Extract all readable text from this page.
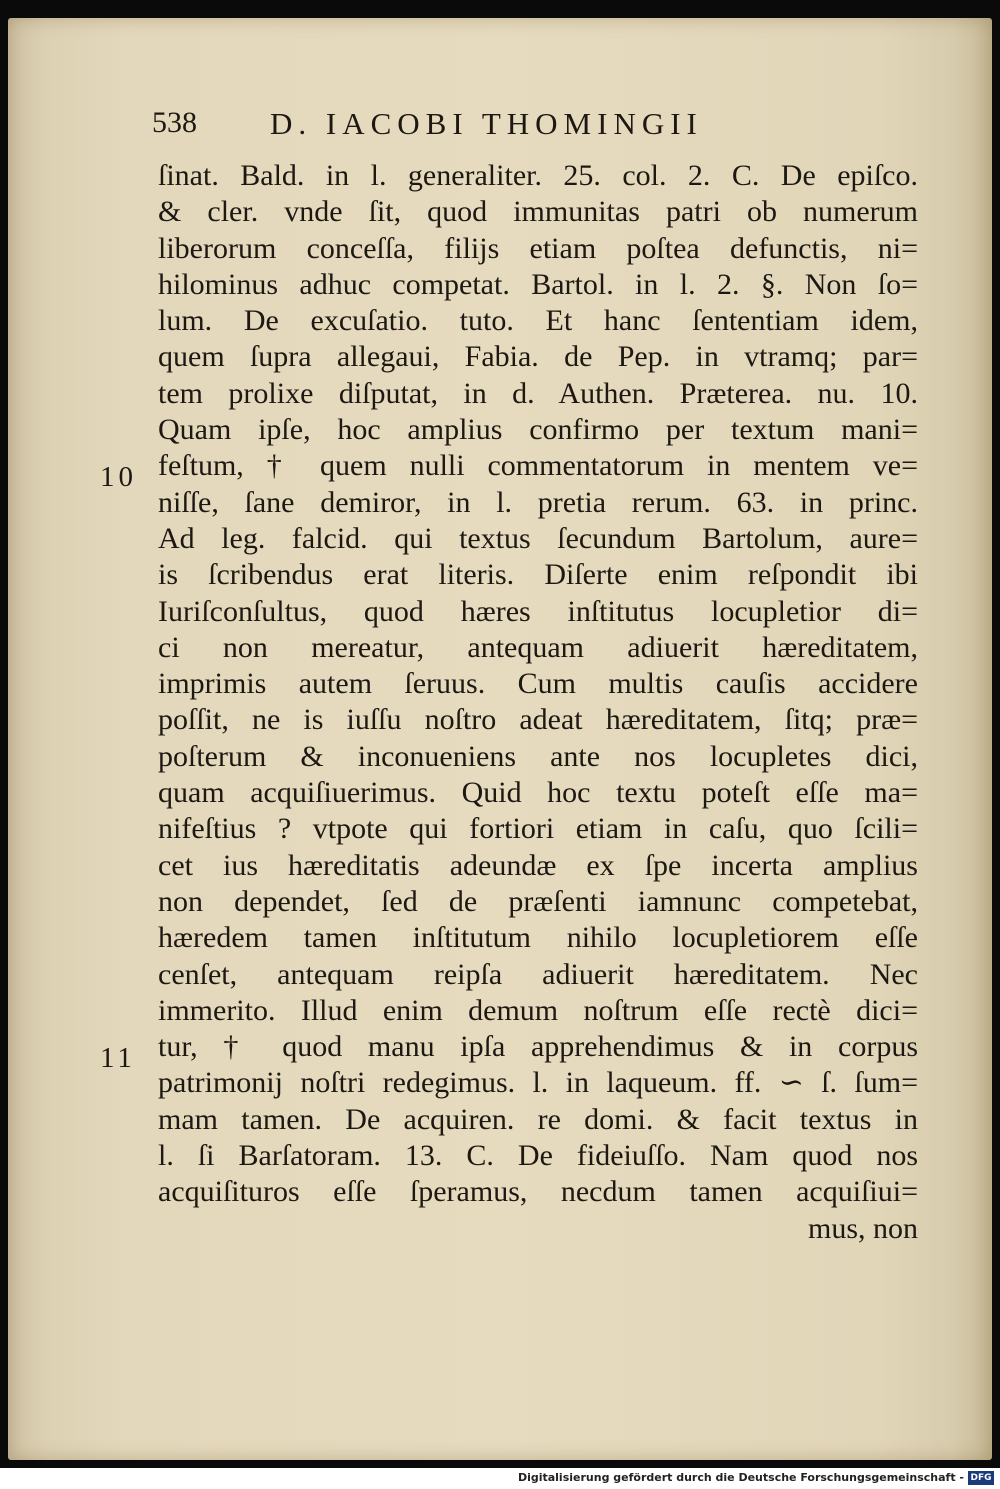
538 D. IACOBI THOMINGII
10
11
ſinat. Bald. in l. generaliter. 25. col. 2. C. De epiſco.
& cler. vnde ſit, quod immunitas patri ob numerum
liberorum conceſſa, filijs etiam poſtea defunctis, ni=
hilominus adhuc competat. Bartol. in l. 2. §. Non ſo=
lum. De excuſatio. tuto. Et hanc ſententiam idem,
quem ſupra allegaui, Fabia. de Pep. in vtramq; par=
tem prolixe diſputat, in d. Authen. Præterea. nu. 10.
Quam ipſe, hoc amplius confirmo per textum mani=
feſtum, † quem nulli commentatorum in mentem ve=
niſſe, ſane demiror, in l. pretia rerum. 63. in princ.
Ad leg. falcid. qui textus ſecundum Bartolum, aure=
is ſcribendus erat literis. Diſerte enim reſpondit ibi
Iuriſconſultus, quod hæres inſtitutus locupletior di=
ci non mereatur, antequam adiuerit hæreditatem,
imprimis autem ſeruus. Cum multis cauſis accidere
poſſit, ne is iuſſu noſtro adeat hæreditatem, ſitq; præ=
poſterum & inconueniens ante nos locupletes dici,
quam acquiſiuerimus. Quid hoc textu poteſt eſſe ma=
nifeſtius ? vtpote qui fortiori etiam in caſu, quo ſcili=
cet ius hæreditatis adeundæ ex ſpe incerta amplius
non dependet, ſed de præſenti iamnunc competebat,
hæredem tamen inſtitutum nihilo locupletiorem eſſe
cenſet, antequam reipſa adiuerit hæreditatem. Nec
immerito. Illud enim demum noſtrum eſſe rectè dici=
tur, † quod manu ipſa apprehendimus & in corpus
patrimonij noſtri redegimus. l. in laqueum. ff. ∽ ſ. ſum=
mam tamen. De acquiren. re domi. & facit textus in
l. ſi Barſatoram. 13. C. De fideiuſſo. Nam quod nos
acquiſituros eſſe ſperamus, necdum tamen acquiſiui=
mus, non
Digitalisierung gefördert durch die Deutsche Forschungsgemeinschaft - DFG
